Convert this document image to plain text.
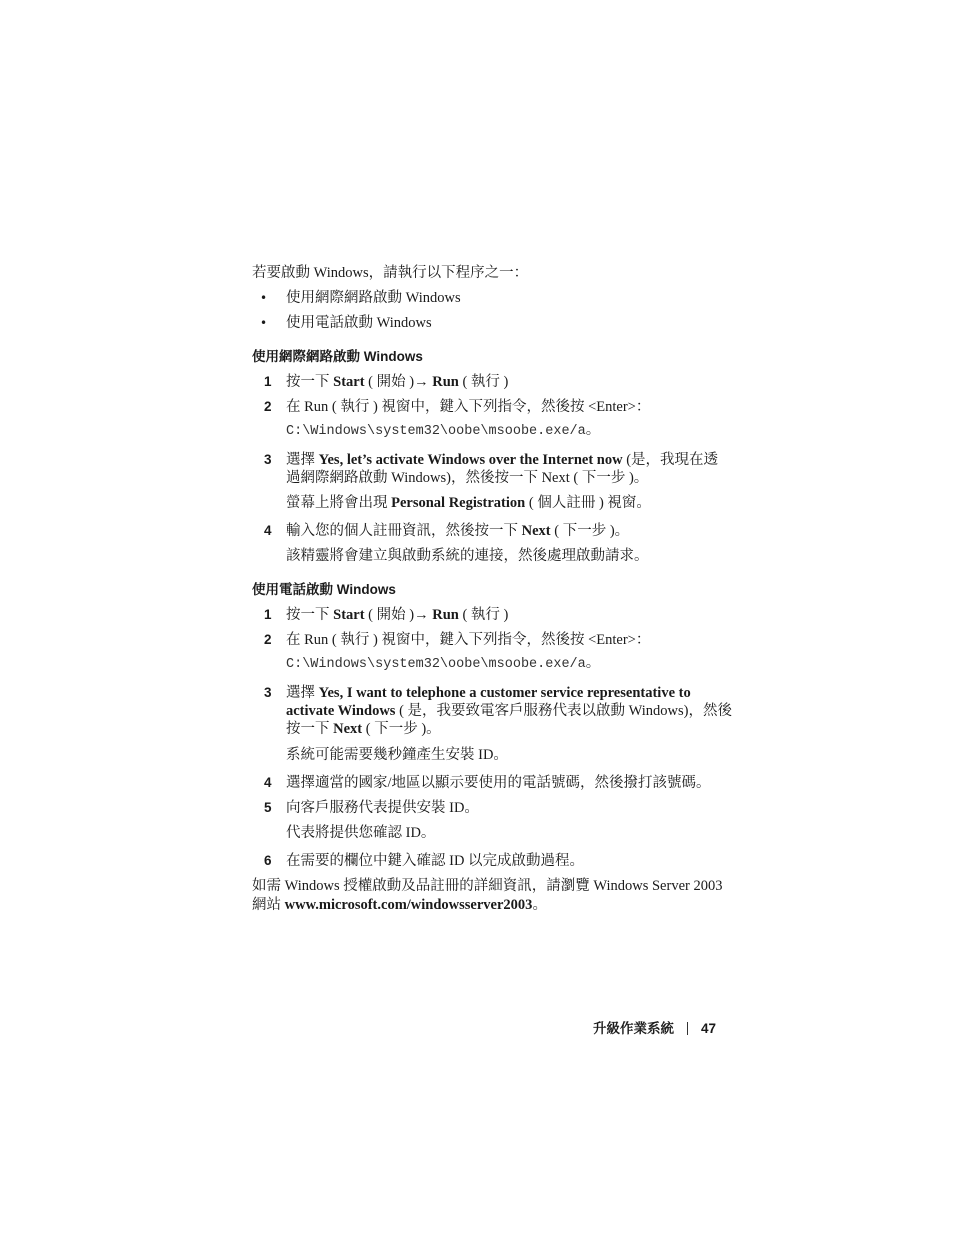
若要啟動 Windows，請執行以下程序之一：
• 使用網際網路啟動 Windows
• 使用電話啟動 Windows
使用網際網路啟動 Windows
1 按一下 Start ( 開始 )→ Run ( 執行 )
2 在 Run ( 執行 ) 視窗中，鍵入下列指令，然後按 <Enter>：
C:\Windows\system32\oobe\msoobe.exe/a。
3 選擇 Yes, let’s activate Windows over the Internet now (是，我現在透過網際網路啟動 Windows)，然後按一下 Next ( 下一步 )。
螢幕上將會出現 Personal Registration ( 個人註冊 ) 視窗。
4 輸入您的個人註冊資訊，然後按一下 Next ( 下一步 )。
該精靈將會建立與啟動系統的連接，然後處理啟動請求。
使用電話啟動 Windows
1 按一下 Start ( 開始 )→ Run ( 執行 )
2 在 Run ( 執行 ) 視窗中，鍵入下列指令，然後按 <Enter>：
C:\Windows\system32\oobe\msoobe.exe/a。
3 選擇 Yes, I want to telephone a customer service representative to activate Windows ( 是，我要致電客戶服務代表以啟動 Windows)，然後按一下 Next ( 下一步 )。
系統可能需要幾秒鐘產生安裝 ID。
4 選擇適當的國家/地區以顯示要使用的電話號碼，然後撥打該號碼。
5 向客戶服務代表提供安裝 ID。
代表將提供您確認 ID。
6 在需要的欄位中鍵入確認 ID 以完成啟動過程。
如需 Windows 授權啟動及品註冊的詳細資訊，請瀏覽 Windows Server 2003 網站 www.microsoft.com/windowsserver2003。
升級作業系統 47
